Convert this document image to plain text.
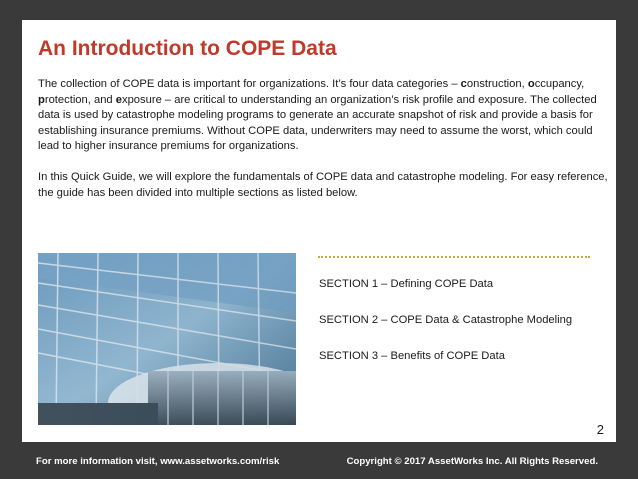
An Introduction to COPE Data

The collection of COPE data is important for organizations. It’s four data categories – construction, occupancy, protection, and exposure – are critical to understanding an organization’s risk profile and exposure. The collected data is used by catastrophe modeling programs to generate an accurate snapshot of risk and provide a basis for establishing insurance premiums. Without COPE data, underwriters may need to assume the worst, which could lead to higher insurance premiums for organizations.

In this Quick Guide, we will explore the fundamentals of COPE data and catastrophe modeling. For easy reference, the guide has been divided into multiple sections as listed below.

SECTION 1 – Defining COPE Data
SECTION 2 – COPE Data & Catastrophe Modeling
SECTION 3 – Benefits of COPE Data
2
For more information visit, www.assetworks.com/risk	Copyright © 2017 AssetWorks Inc. All Rights Reserved.
